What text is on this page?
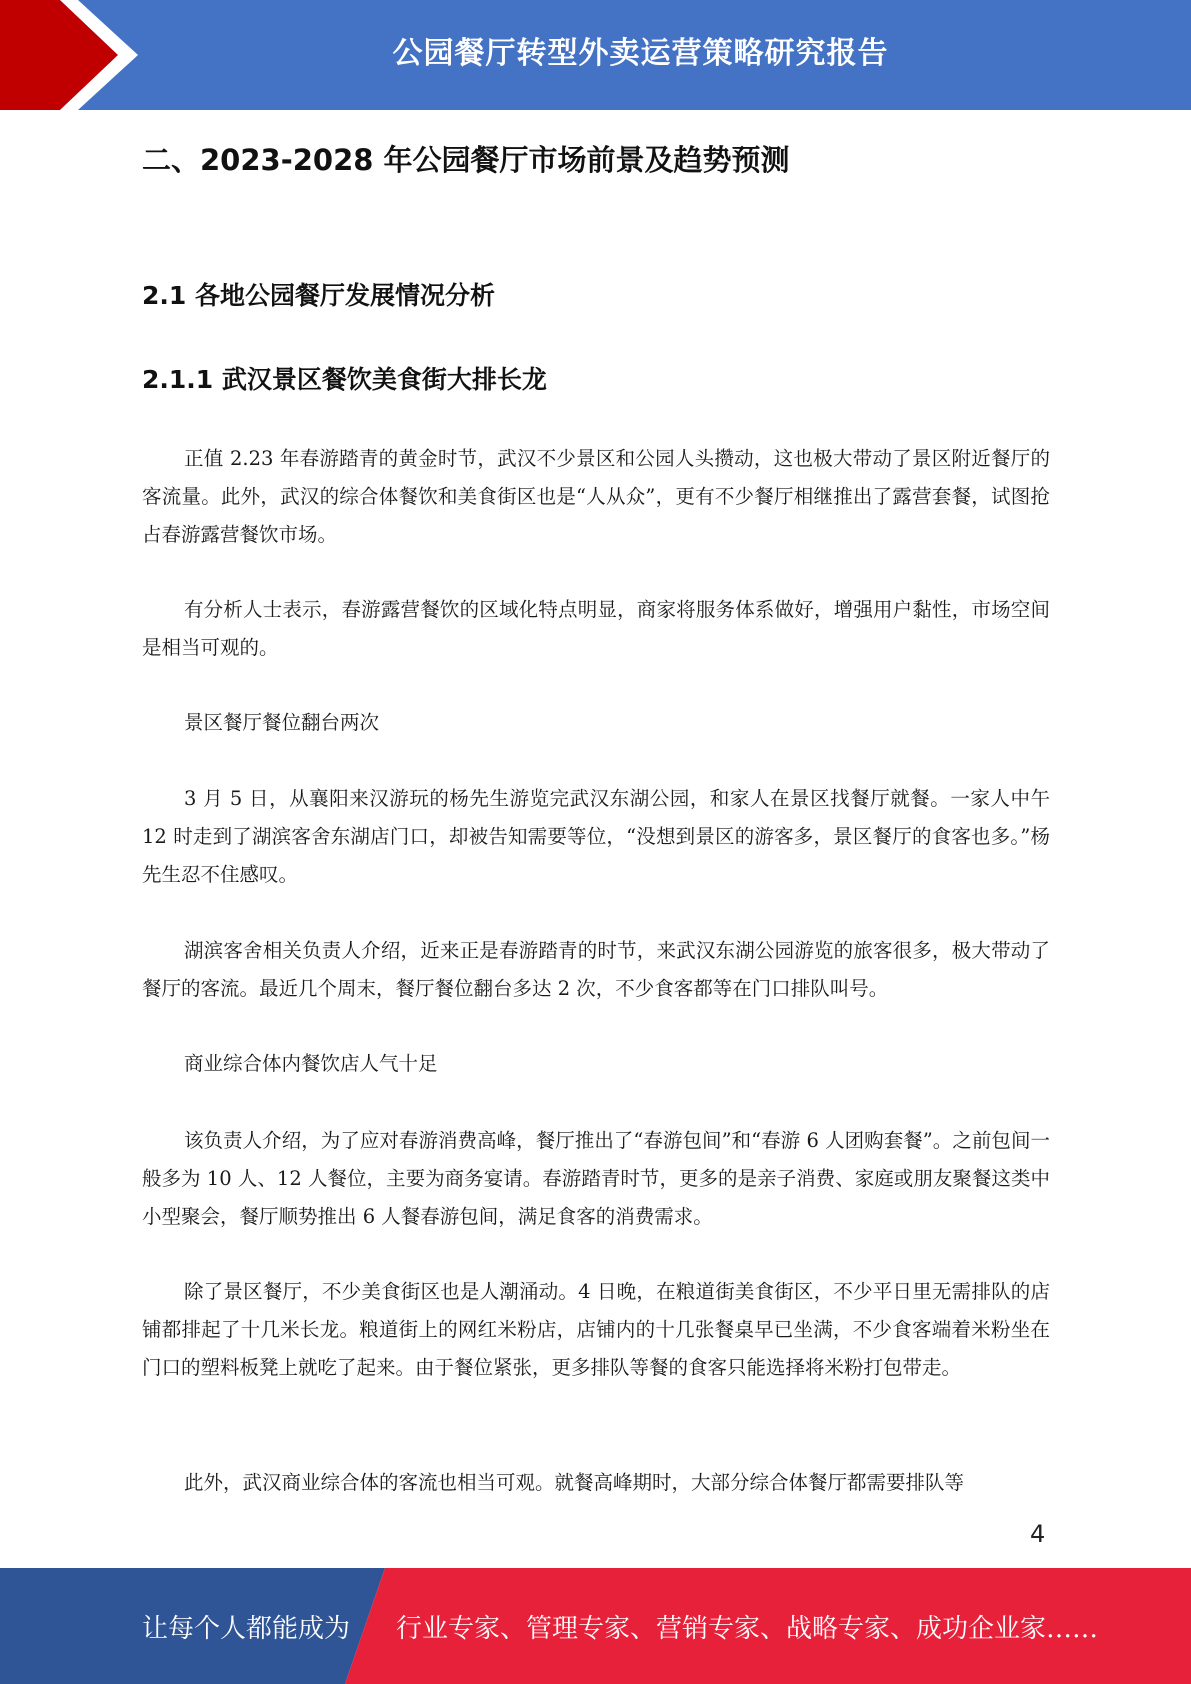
公园餐厅转型外卖运营策略研究报告
二、2023-2028 年公园餐厅市场前景及趋势预测
2.1 各地公园餐厅发展情况分析
2.1.1 武汉景区餐饮美食街大排长龙

正值 2.23 年春游踏青的黄金时节，武汉不少景区和公园人头攒动，这也极大带动了景区附近餐厅的客流量。此外，武汉的综合体餐饮和美食街区也是“人从众”，更有不少餐厅相继推出了露营套餐，试图抢占春游露营餐饮市场。

有分析人士表示，春游露营餐饮的区域化特点明显，商家将服务体系做好，增强用户黏性，市场空间是相当可观的。

景区餐厅餐位翻台两次

3 月 5 日，从襄阳来汉游玩的杨先生游览完武汉东湖公园，和家人在景区找餐厅就餐。一家人中午 12 时走到了湖滨客舍东湖店门口，却被告知需要等位，“没想到景区的游客多，景区餐厅的食客也多。”杨先生忍不住感叹。

湖滨客舍相关负责人介绍，近来正是春游踏青的时节，来武汉东湖公园游览的旅客很多，极大带动了餐厅的客流。最近几个周末，餐厅餐位翻台多达 2 次，不少食客都等在门口排队叫号。

商业综合体内餐饮店人气十足

该负责人介绍，为了应对春游消费高峰，餐厅推出了“春游包间”和“春游 6 人团购套餐”。之前包间一般多为 10 人、12 人餐位，主要为商务宴请。春游踏青时节，更多的是亲子消费、家庭或朋友聚餐这类中小型聚会，餐厅顺势推出 6 人餐春游包间，满足食客的消费需求。

除了景区餐厅，不少美食街区也是人潮涌动。4 日晚，在粮道街美食街区，不少平日里无需排队的店铺都排起了十几米长龙。粮道街上的网红米粉店，店铺内的十几张餐桌早已坐满，不少食客端着米粉坐在门口的塑料板凳上就吃了起来。由于餐位紧张，更多排队等餐的食客只能选择将米粉打包带走。

此外，武汉商业综合体的客流也相当可观。就餐高峰期时，大部分综合体餐厅都需要排队等

4
让每个人都能成为 行业专家、管理专家、营销专家、战略专家、成功企业家……
